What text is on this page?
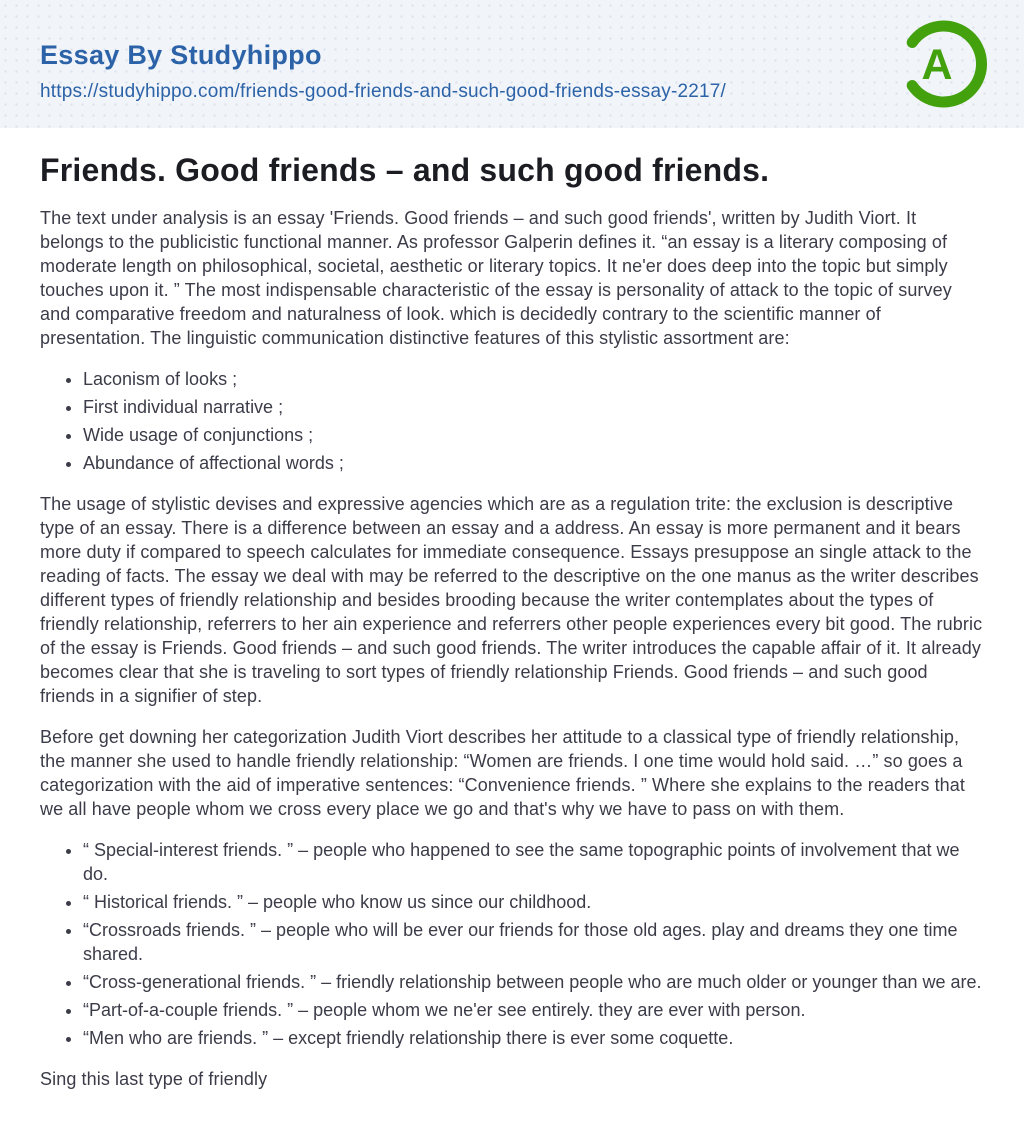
Essay By Studyhippo
https://studyhippo.com/friends-good-friends-and-such-good-friends-essay-2217/
A
Friends. Good friends – and such good friends.

The text under analysis is an essay 'Friends. Good friends – and such good friends', written by Judith Viort. It belongs to the publicistic functional manner. As professor Galperin defines it. “an essay is a literary composing of moderate length on philosophical, societal, aesthetic or literary topics. It ne'er does deep into the topic but simply touches upon it. ” The most indispensable characteristic of the essay is personality of attack to the topic of survey and comparative freedom and naturalness of look. which is decidedly contrary to the scientific manner of presentation. The linguistic communication distinctive features of this stylistic assortment are:

• Laconism of looks ;
• First individual narrative ;
• Wide usage of conjunctions ;
• Abundance of affectional words ;

The usage of stylistic devises and expressive agencies which are as a regulation trite: the exclusion is descriptive type of an essay. There is a difference between an essay and a address. An essay is more permanent and it bears more duty if compared to speech calculates for immediate consequence. Essays presuppose an single attack to the reading of facts. The essay we deal with may be referred to the descriptive on the one manus as the writer describes different types of friendly relationship and besides brooding because the writer contemplates about the types of friendly relationship, referrers to her ain experience and referrers other people experiences every bit good. The rubric of the essay is Friends. Good friends – and such good friends. The writer introduces the capable affair of it. It already becomes clear that she is traveling to sort types of friendly relationship Friends. Good friends – and such good friends in a signifier of step.

Before get downing her categorization Judith Viort describes her attitude to a classical type of friendly relationship, the manner she used to handle friendly relationship: “Women are friends. I one time would hold said. …” so goes a categorization with the aid of imperative sentences: “Convenience friends. ” Where she explains to the readers that we all have people whom we cross every place we go and that's why we have to pass on with them.

• “ Special-interest friends. ” – people who happened to see the same topographic points of involvement that we do.
• “ Historical friends. ” – people who know us since our childhood.
• “Crossroads friends. ” – people who will be ever our friends for those old ages. play and dreams they one time shared.
• “Cross-generational friends. ” – friendly relationship between people who are much older or younger than we are.
• “Part-of-a-couple friends. ” – people whom we ne'er see entirely. they are ever with person.
• “Men who are friends. ” – except friendly relationship there is ever some coquette.

Sing this last type of friendly
